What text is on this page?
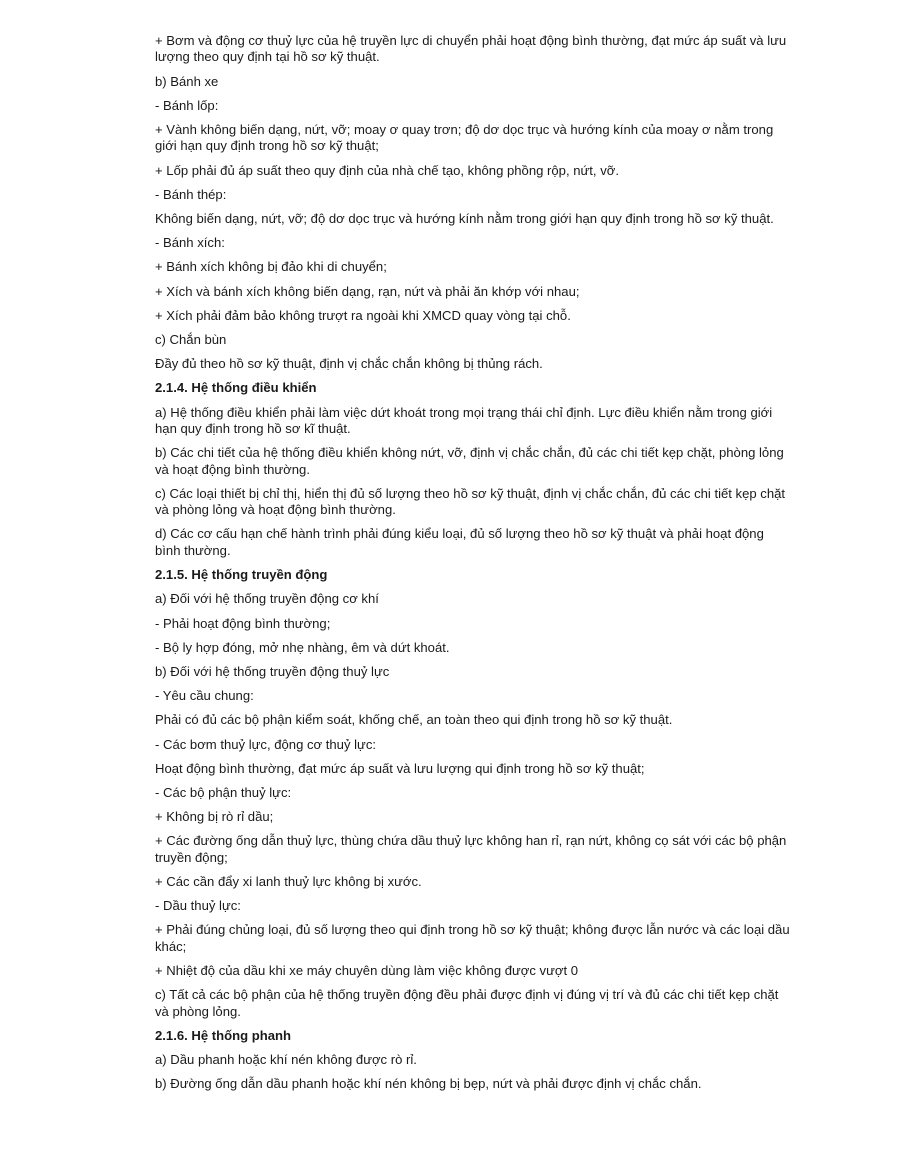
+ Bơm và động cơ thuỷ lực của hệ truyền lực di chuyển phải hoạt động bình thường, đạt mức áp suất và lưu lượng theo quy định tại hồ sơ kỹ thuật.

b) Bánh xe

- Bánh lốp:

+ Vành không biến dạng, nứt, vỡ; moay ơ quay trơn; độ dơ dọc trục và hướng kính của moay ơ nằm trong giới hạn quy định trong hồ sơ kỹ thuật;

+ Lốp phải đủ áp suất theo quy định của nhà chế tạo, không phồng rộp, nứt, vỡ.

- Bánh thép:

Không biến dạng, nứt, vỡ; độ dơ dọc trục và hướng kính nằm trong giới hạn quy định trong hồ sơ kỹ thuật.

- Bánh xích:

+ Bánh xích không bị đảo khi di chuyển;

+ Xích và bánh xích không biến dạng, rạn, nứt và phải ăn khớp với nhau;

+ Xích phải đảm bảo không trượt ra ngoài khi XMCD quay vòng tại chỗ.

c) Chắn bùn

Đầy đủ theo hồ sơ kỹ thuật, định vị chắc chắn không bị thủng rách.

2.1.4. Hệ thống điều khiển

a) Hệ thống điều khiển phải làm việc dứt khoát trong mọi trạng thái chỉ định. Lực điều khiển nằm trong giới hạn quy định trong hồ sơ kĩ thuật.

b) Các chi tiết của hệ thống điều khiển không nứt, vỡ, định vị chắc chắn, đủ các chi tiết kẹp chặt, phòng lỏng và hoạt động bình thường.

c) Các loại thiết bị chỉ thị, hiển thị đủ số lượng theo hồ sơ kỹ thuật, định vị chắc chắn, đủ các chi tiết kẹp chặt và phòng lỏng và hoạt động bình thường.

d) Các cơ cấu hạn chế hành trình phải đúng kiểu loại, đủ số lượng theo hồ sơ kỹ thuật và phải hoạt động bình thường.

2.1.5. Hệ thống truyền động

a) Đối với hệ thống truyền động cơ khí

- Phải hoạt động bình thường;

- Bộ ly hợp đóng, mở nhẹ nhàng, êm và dứt khoát.

b) Đối với hệ thống truyền động thuỷ lực

- Yêu cầu chung:

Phải có đủ các bộ phận kiểm soát, khống chế, an toàn theo qui định trong hồ sơ kỹ thuật.

- Các bơm thuỷ lực, động cơ thuỷ lực:

Hoạt động bình thường, đạt mức áp suất và lưu lượng qui định trong hồ sơ kỹ thuật;

- Các bộ phận thuỷ lực:

+ Không bị rò rỉ dầu;

+ Các đường ống dẫn thuỷ lực, thùng chứa dầu thuỷ lực không han rỉ, rạn nứt, không cọ sát với các bộ phận truyền động;

+ Các cần đẩy xi lanh thuỷ lực không bị xước.

- Dầu thuỷ lực:

+ Phải đúng chủng loại, đủ số lượng theo qui định trong hồ sơ kỹ thuật; không được lẫn nước và các loại dầu khác;

+ Nhiệt độ của dầu khi xe máy chuyên dùng làm việc không được vượt 0

c) Tất cả các bộ phận của hệ thống truyền động đều phải được định vị đúng vị trí và đủ các chi tiết kẹp chặt và phòng lỏng.

2.1.6. Hệ thống phanh

a) Dầu phanh hoặc khí nén không được rò rỉ.

b) Đường ống dẫn dầu phanh hoặc khí nén không bị bẹp, nứt và phải được định vị chắc chắn.
